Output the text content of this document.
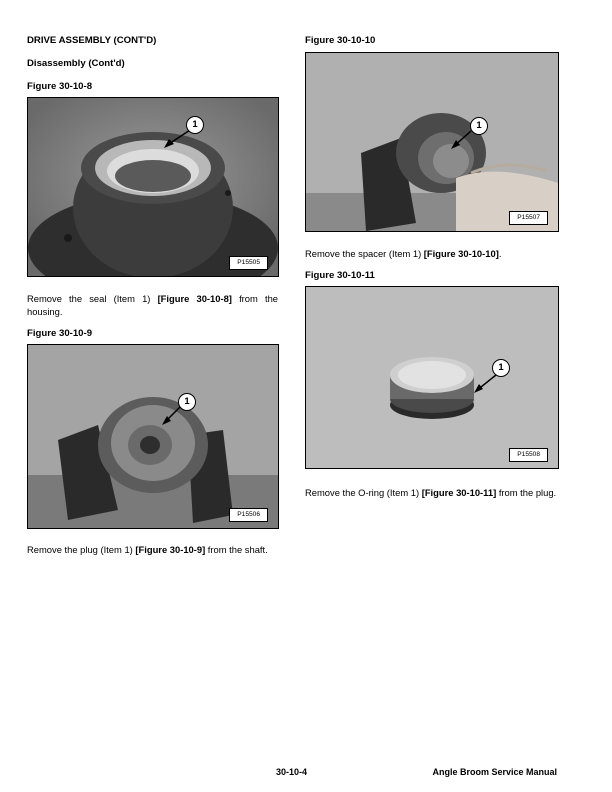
DRIVE ASSEMBLY (CONT'D)
Disassembly (Cont'd)
Figure 30-10-8
1
P15505
Remove the seal (Item 1) [Figure 30-10-8] from the housing.
Figure 30-10-9
1
P15506
Remove the plug (Item 1) [Figure 30-10-9] from the shaft.
Figure 30-10-10
1
P15507
Remove the spacer (Item 1) [Figure 30-10-10].
Figure 30-10-11
1
P15508
Remove the O-ring (Item 1) [Figure 30-10-11] from the plug.
30-10-4	Angle Broom Service Manual
